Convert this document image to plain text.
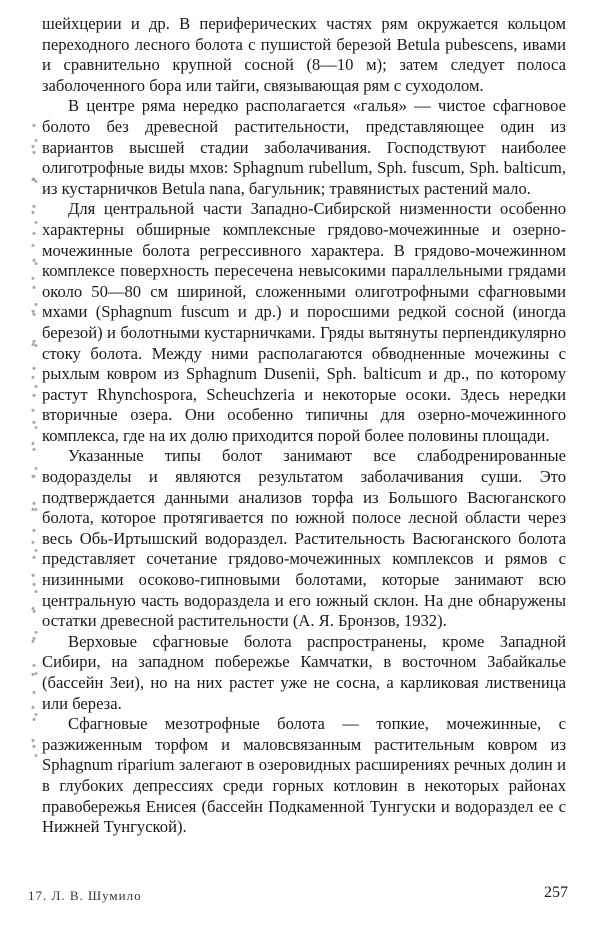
шейхцерии и др. В периферических частях рям окружается кольцом переходного лесного болота с пушистой березой Betula pubescens, ивами и сравнительно крупной сосной (8—10 м); затем следует полоса заболоченного бора или тайги, связывающая рям с суходолом.

В центре ряма нередко располагается «галья» — чистое сфагновое болото без древесной растительности, представляющее один из вариантов высшей стадии заболачивания. Господствуют наиболее олиготрофные виды мхов: Sphagnum rubellum, Sph. fuscum, Sph. balticum, из кустарничков Betula nana, багульник; травянистых растений мало.

Для центральной части Западно-Сибирской низменности особенно характерны обширные комплексные грядово-мочежинные и озерно-мочежинные болота регрессивного характера. В грядово-мочежинном комплексе поверхность пересечена невысокими параллельными грядами около 50—80 см шириной, сложенными олиготрофными сфагновыми мхами (Sphagnum fuscum и др.) и поросшими редкой сосной (иногда березой) и болотными кустарничками. Гряды вытянуты перпендикулярно стоку болота. Между ними располагаются обводненные мочежины с рыхлым ковром из Sphagnum Dusenii, Sph. balticum и др., по которому растут Rhynchospora, Scheuchzeria и некоторые осоки. Здесь нередки вторичные озера. Они особенно типичны для озерно-мочежинного комплекса, где на их долю приходится порой более половины площади.

Указанные типы болот занимают все слабодренированные водоразделы и являются результатом заболачивания суши. Это подтверждается данными анализов торфа из Большого Васюганского болота, которое протягивается по южной полосе лесной области через весь Обь-Иртышский водораздел. Растительность Васюганского болота представляет сочетание грядово-мочежинных комплексов и рямов с низинными осоково-гипновыми болотами, которые занимают всю центральную часть водораздела и его южный склон. На дне обнаружены остатки древесной растительности (А. Я. Бронзов, 1932).

Верховые сфагновые болота распространены, кроме Западной Сибири, на западном побережье Камчатки, в восточном Забайкалье (бассейн Зеи), но на них растет уже не сосна, а карликовая лиственица или береза.

Сфагновые мезотрофные болота — топкие, мочежинные, с разжиженным торфом и маловсвязанным растительным ковром из Sphagnum riparium залегают в озеровидных расширениях речных долин и в глубоких депрессиях среди горных котловин в некоторых районах правобережья Енисея (бассейн Подкаменной Тунгуски и водораздел ее с Нижней Тунгуской).

17. Л. В. Шумило	257
